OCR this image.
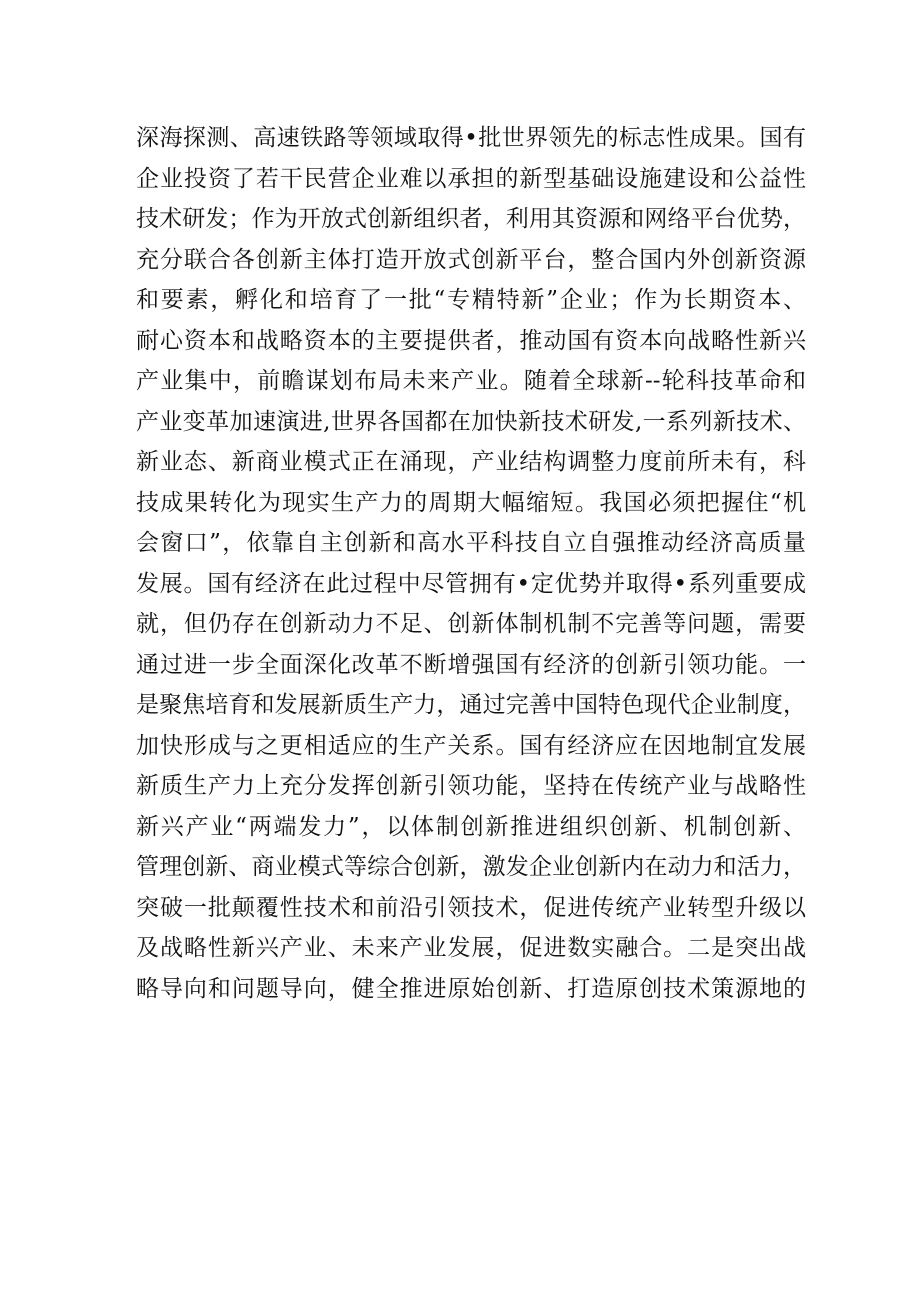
深海探测、高速铁路等领域取得•批世界领先的标志性成果。国有
企业投资了若干民营企业难以承担的新型基础设施建设和公益性
技术研发；作为开放式创新组织者，利用其资源和网络平台优势，
充分联合各创新主体打造开放式创新平台，整合国内外创新资源
和要素，孵化和培育了一批“专精特新”企业；作为长期资本、
耐心资本和战略资本的主要提供者，推动国有资本向战略性新兴
产业集中，前瞻谋划布局未来产业。随着全球新--轮科技革命和
产业变革加速演进,世界各国都在加快新技术研发,一系列新技术、
新业态、新商业模式正在涌现，产业结构调整力度前所未有，科
技成果转化为现实生产力的周期大幅缩短。我国必须把握住“机
会窗口”，依靠自主创新和高水平科技自立自强推动经济高质量
发展。国有经济在此过程中尽管拥有•定优势并取得•系列重要成
就，但仍存在创新动力不足、创新体制机制不完善等问题，需要
通过进一步全面深化改革不断增强国有经济的创新引领功能。一
是聚焦培育和发展新质生产力，通过完善中国特色现代企业制度，
加快形成与之更相适应的生产关系。国有经济应在因地制宜发展
新质生产力上充分发挥创新引领功能，坚持在传统产业与战略性
新兴产业“两端发力”，以体制创新推进组织创新、机制创新、
管理创新、商业模式等综合创新，激发企业创新内在动力和活力，
突破一批颠覆性技术和前沿引领技术，促进传统产业转型升级以
及战略性新兴产业、未来产业发展，促进数实融合。二是突出战
略导向和问题导向，健全推进原始创新、打造原创技术策源地的
